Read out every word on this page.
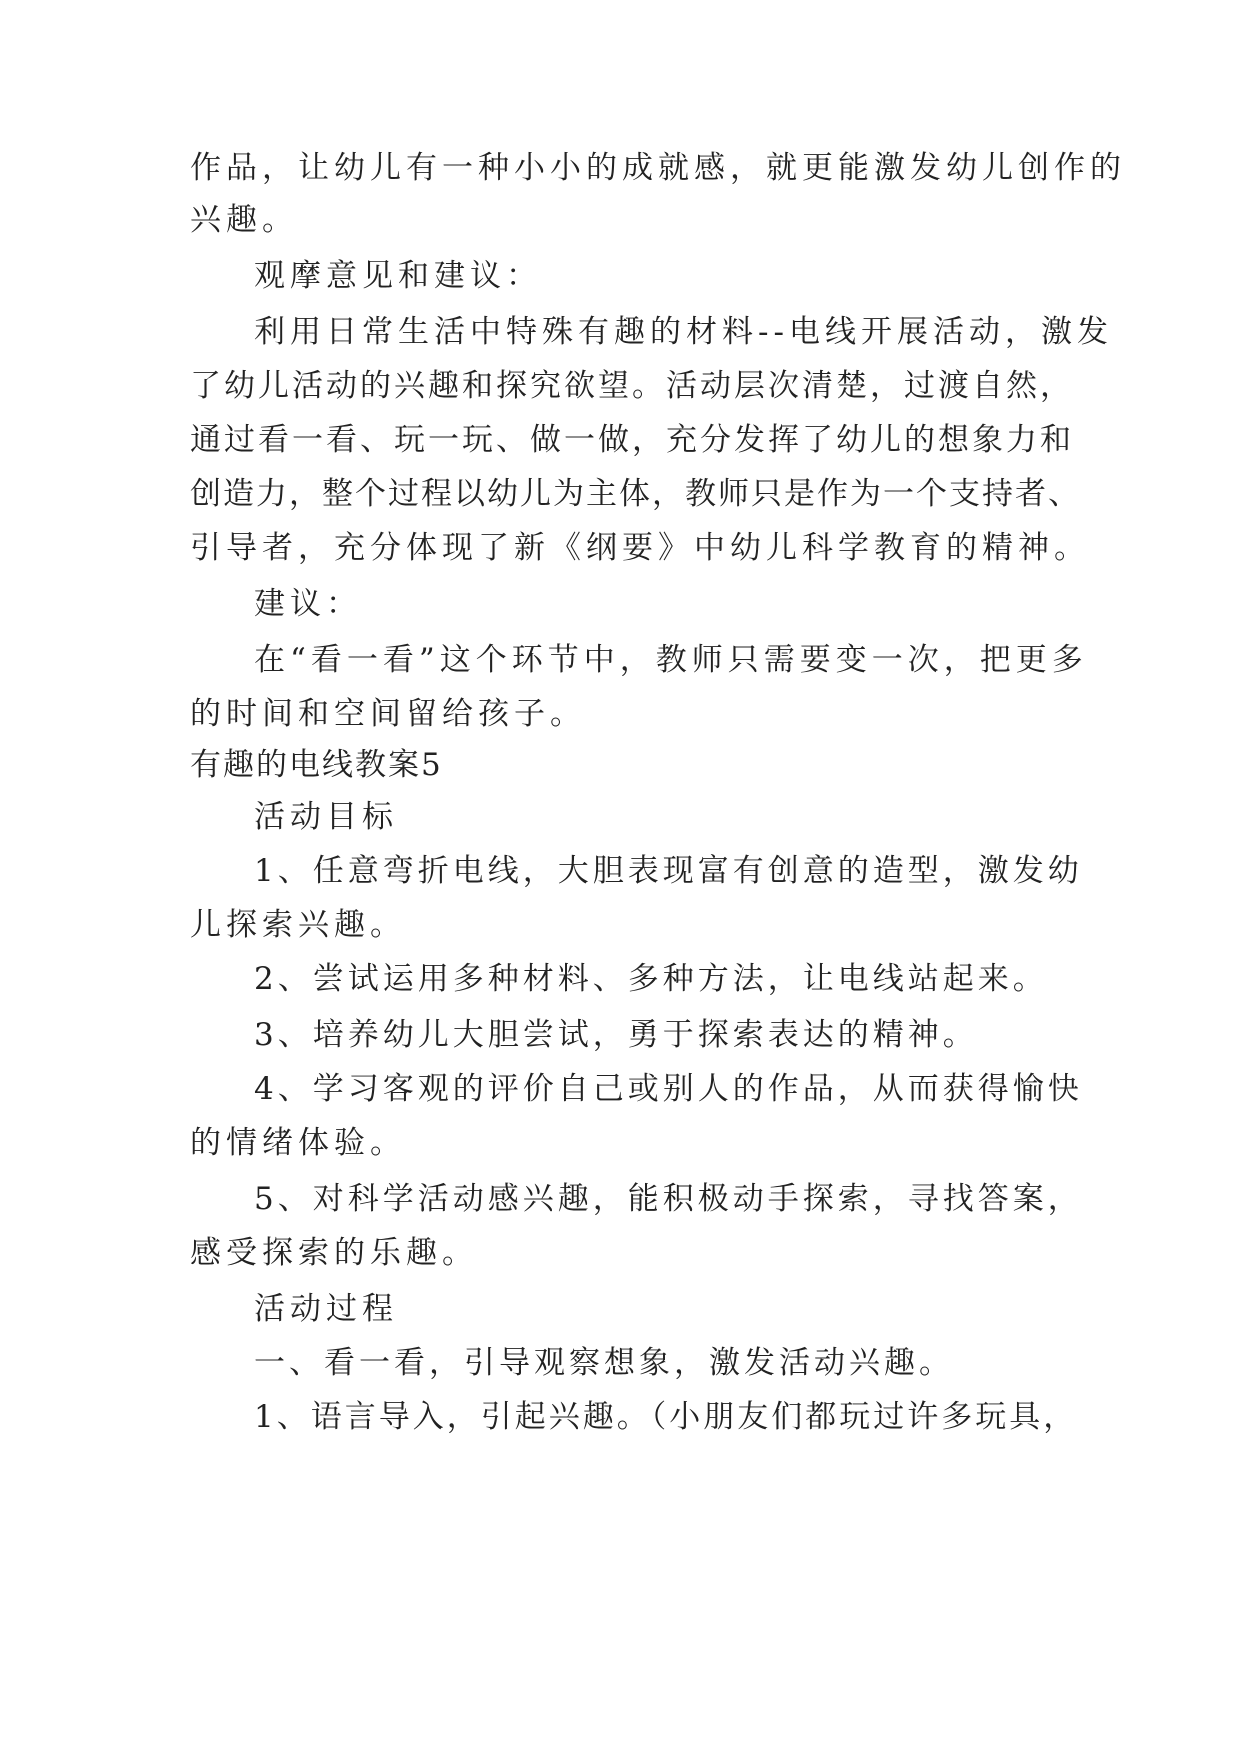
作品，让幼儿有一种小小的成就感，就更能激发幼儿创作的

兴趣。

观摩意见和建议：

利用日常生活中特殊有趣的材料--电线开展活动，激发

了幼儿活动的兴趣和探究欲望。活动层次清楚，过渡自然，

通过看一看、玩一玩、做一做，充分发挥了幼儿的想象力和

创造力，整个过程以幼儿为主体，教师只是作为一个支持者、

引导者，充分体现了新《纲要》中幼儿科学教育的精神。

建议：

在“看一看”这个环节中，教师只需要变一次，把更多

的时间和空间留给孩子。

有趣的电线教案5

活动目标

1、任意弯折电线，大胆表现富有创意的造型，激发幼

儿探索兴趣。

2、尝试运用多种材料、多种方法，让电线站起来。

3、培养幼儿大胆尝试，勇于探索表达的精神。

4、学习客观的评价自己或别人的作品，从而获得愉快

的情绪体验。

5、对科学活动感兴趣，能积极动手探索，寻找答案，

感受探索的乐趣。

活动过程

一、看一看，引导观察想象，激发活动兴趣。

1、语言导入，引起兴趣。（小朋友们都玩过许多玩具，
